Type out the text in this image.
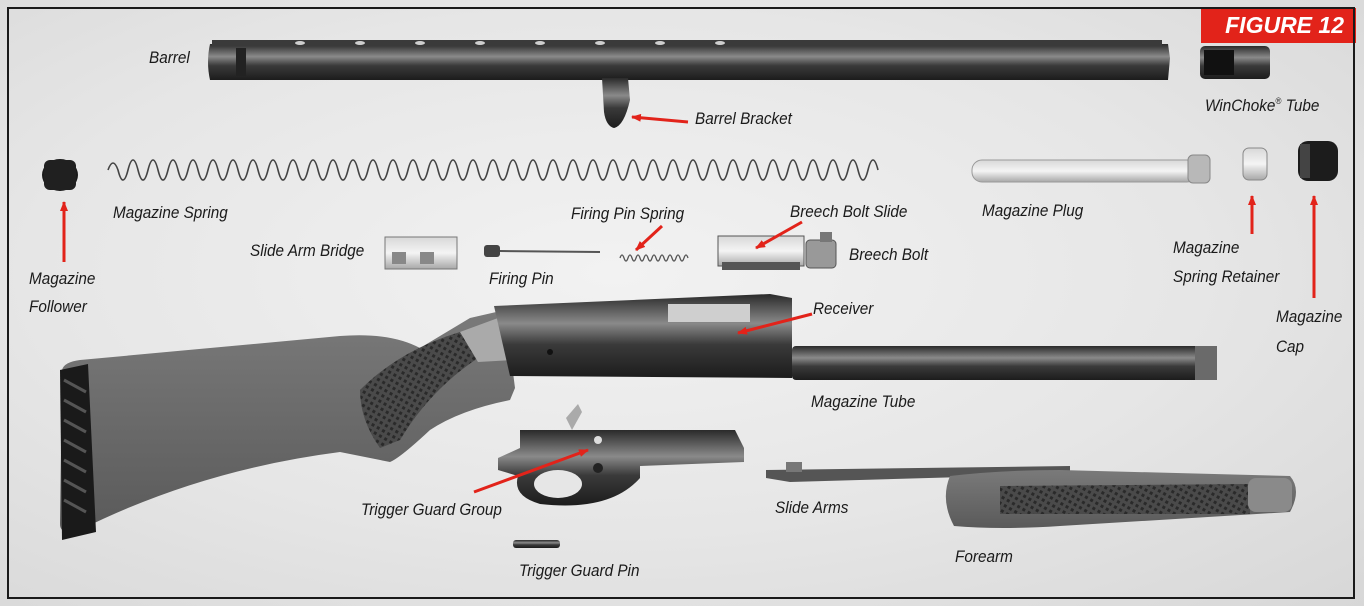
FIGURE 12
Barrel
Barrel Bracket
WinChoke® Tube
Magazine Spring
Magazine
Follower
Firing Pin Spring	Breech Bolt Slide
Breech Bolt
Slide Arm Bridge
Firing Pin
Magazine Plug
Magazine
Spring Retainer
Magazine
Cap
Receiver
Magazine Tube
Trigger Guard Group	Slide Arms
Forearm
Trigger Guard Pin
